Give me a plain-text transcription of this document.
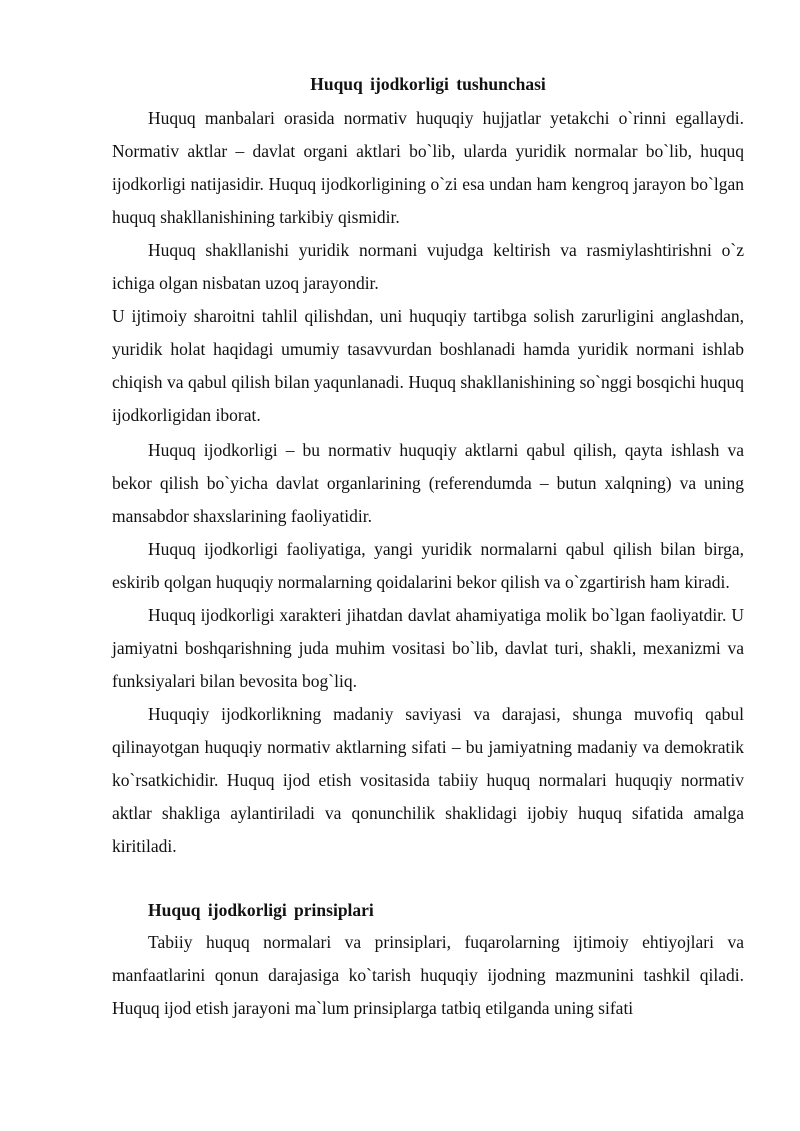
Huquq ijodkorligi tushunchasi

Huquq manbalari orasida normativ huquqiy hujjatlar yetakchi o`rinni egallaydi. Normativ aktlar – davlat organi aktlari bo`lib, ularda yuridik normalar bo`lib, huquq ijodkorligi natijasidir. Huquq ijodkorligining o`zi esa undan ham kengroq jarayon bo`lgan huquq shakllanishining tarkibiy qismidir.

Huquq shakllanishi yuridik normani vujudga keltirish va rasmiylashtirishni o`z ichiga olgan nisbatan uzoq jarayondir.

U ijtimoiy sharoitni tahlil qilishdan, uni huquqiy tartibga solish zarurligini anglashdan, yuridik holat haqidagi umumiy tasavvurdan boshlanadi hamda yuridik normani ishlab chiqish va qabul qilish bilan yaqunlanadi. Huquq shakllanishining so`nggi bosqichi huquq ijodkorligidan iborat.

Huquq ijodkorligi – bu normativ huquqiy aktlarni qabul qilish, qayta ishlash va bekor qilish bo`yicha davlat organlarining (referendumda – butun xalqning) va uning mansabdor shaxslarining faoliyatidir.

Huquq ijodkorligi faoliyatiga, yangi yuridik normalarni qabul qilish bilan birga, eskirib qolgan huquqiy normalarning qoidalarini bekor qilish va o`zgartirish ham kiradi.

Huquq ijodkorligi xarakteri jihatdan davlat ahamiyatiga molik bo`lgan faoliyatdir. U jamiyatni boshqarishning juda muhim vositasi bo`lib, davlat turi, shakli, mexanizmi va funksiyalari bilan bevosita bog`liq.

Huquqiy ijodkorlikning madaniy saviyasi va darajasi, shunga muvofiq qabul qilinayotgan huquqiy normativ aktlarning sifati – bu jamiyatning madaniy va demokratik ko`rsatkichidir. Huquq ijod etish vositasida tabiiy huquq normalari huquqiy normativ aktlar shakliga aylantiriladi va qonunchilik shaklidagi ijobiy huquq sifatida amalga kiritiladi.

Huquq ijodkorligi prinsiplari

Tabiiy huquq normalari va prinsiplari, fuqarolarning ijtimoiy ehtiyojlari va manfaatlarini qonun darajasiga ko`tarish huquqiy ijodning mazmunini tashkil qiladi. Huquq ijod etish jarayoni ma`lum prinsiplarga tatbiq etilganda uning sifati
